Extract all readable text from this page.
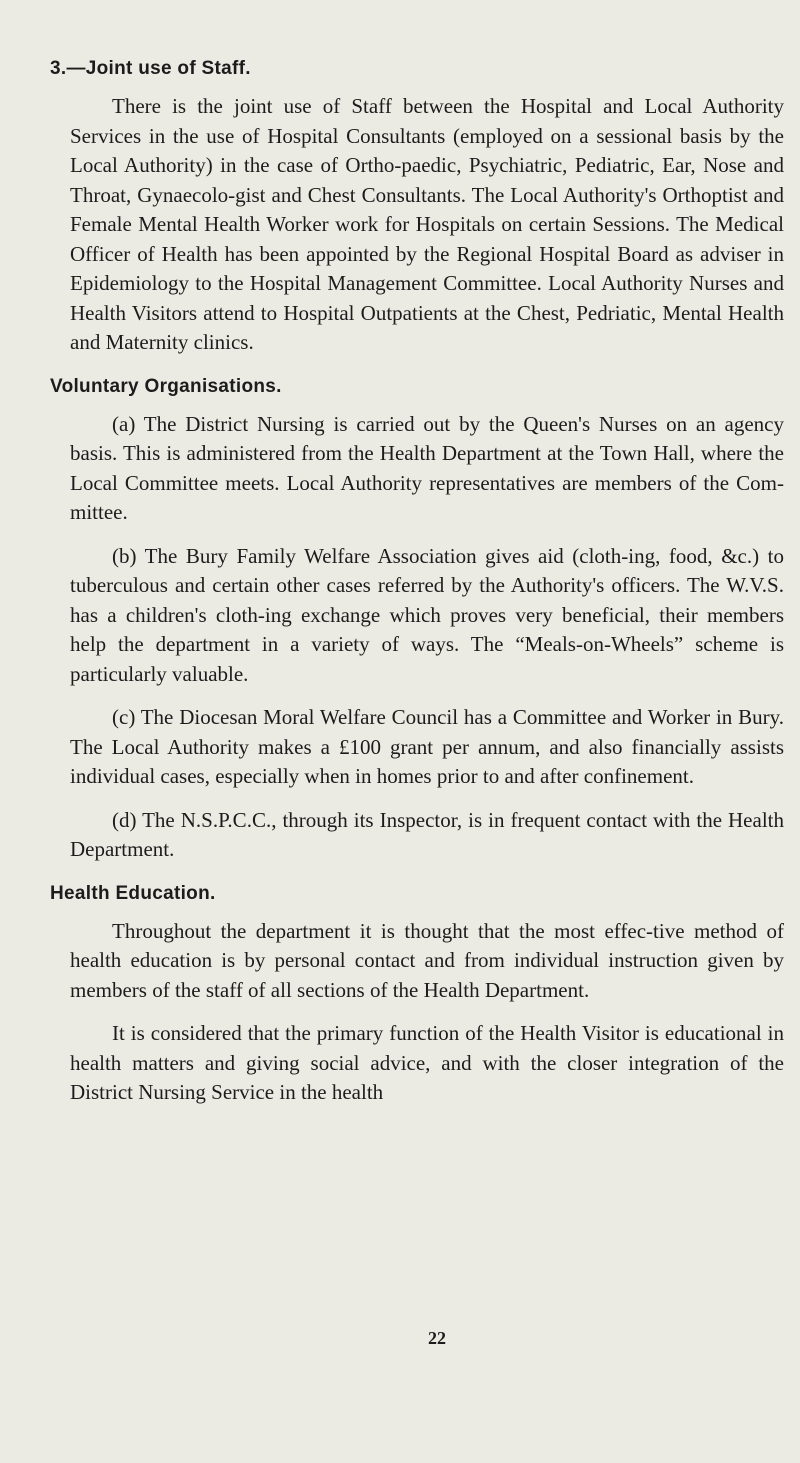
3.—Joint use of Staff.

There is the joint use of Staff between the Hospital and Local Authority Services in the use of Hospital Consultants (employed on a sessional basis by the Local Authority) in the case of Ortho-paedic, Psychiatric, Pediatric, Ear, Nose and Throat, Gynaecolo-gist and Chest Consultants. The Local Authority's Orthoptist and Female Mental Health Worker work for Hospitals on certain Sessions. The Medical Officer of Health has been appointed by the Regional Hospital Board as adviser in Epidemiology to the Hospital Management Committee. Local Authority Nurses and Health Visitors attend to Hospital Outpatients at the Chest, Pedriatic, Mental Health and Maternity clinics.

Voluntary Organisations.

(a) The District Nursing is carried out by the Queen's Nurses on an agency basis. This is administered from the Health Department at the Town Hall, where the Local Committee meets. Local Authority representatives are members of the Com-mittee.

(b) The Bury Family Welfare Association gives aid (cloth-ing, food, &c.) to tuberculous and certain other cases referred by the Authority's officers. The W.V.S. has a children's cloth-ing exchange which proves very beneficial, their members help the department in a variety of ways. The “Meals-on-Wheels” scheme is particularly valuable.

(c) The Diocesan Moral Welfare Council has a Committee and Worker in Bury. The Local Authority makes a £100 grant per annum, and also financially assists individual cases, especially when in homes prior to and after confinement.

(d) The N.S.P.C.C., through its Inspector, is in frequent contact with the Health Department.

Health Education.

Throughout the department it is thought that the most effec-tive method of health education is by personal contact and from individual instruction given by members of the staff of all sections of the Health Department.

It is considered that the primary function of the Health Visitor is educational in health matters and giving social advice, and with the closer integration of the District Nursing Service in the health

22
